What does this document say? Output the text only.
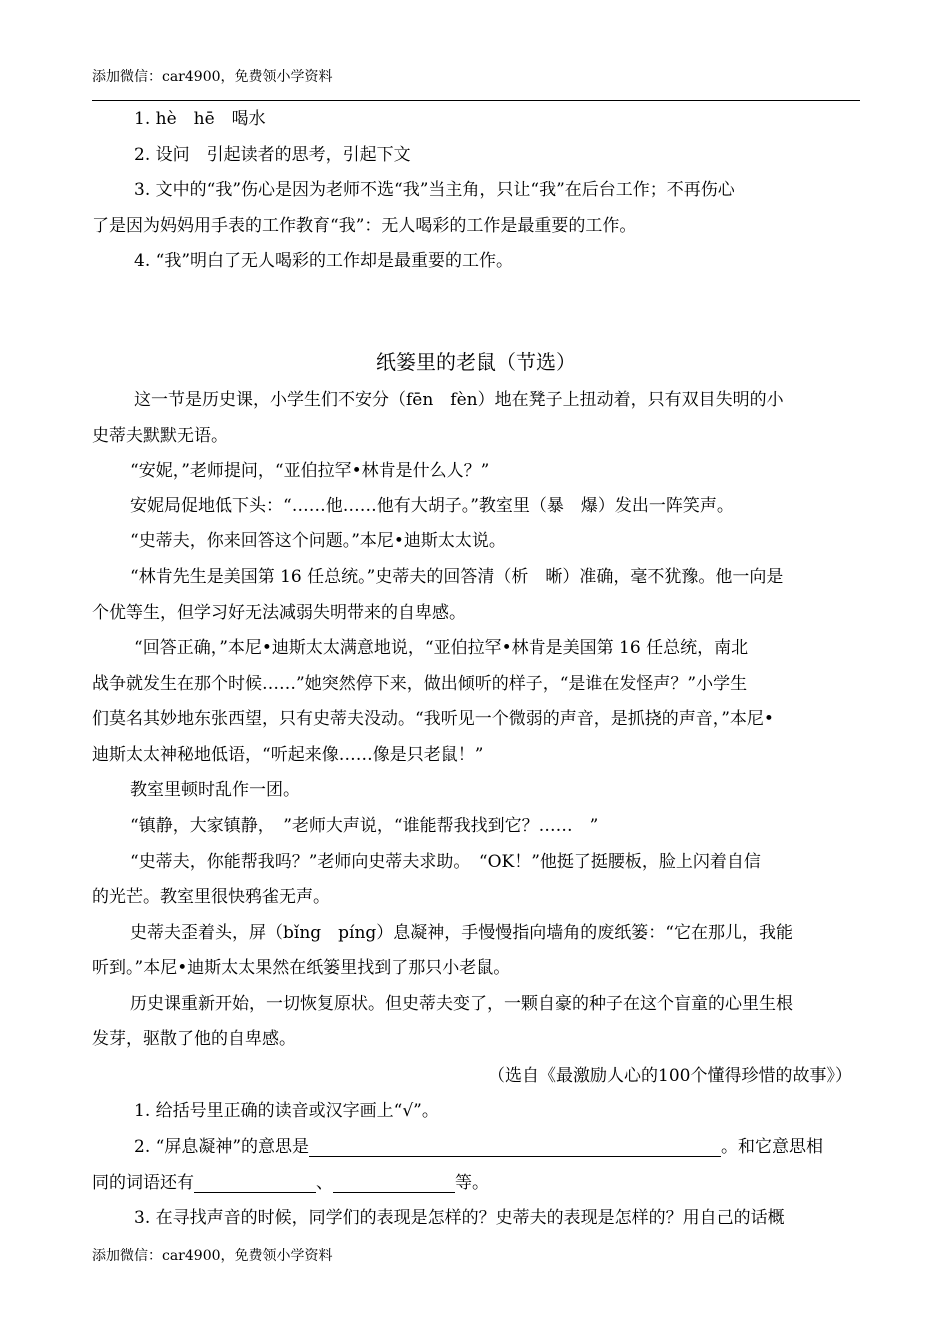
添加微信：car4900，免费领小学资料
1. hè　hē　喝水
2. 设问　引起读者的思考，引起下文
3. 文中的“我”伤心是因为老师不选“我”当主角，只让“我”在后台工作；不再伤心
了是因为妈妈用手表的工作教育“我”：无人喝彩的工作是最重要的工作。
4. “我”明白了无人喝彩的工作却是最重要的工作。
纸篓里的老鼠（节选）
这一节是历史课，小学生们不安分（fēn　fèn）地在凳子上扭动着，只有双目失明的小
史蒂夫默默无语。
“安妮，”老师提问，“亚伯拉罕•林肯是什么人？”
安妮局促地低下头：“……他……他有大胡子。”教室里（暴　爆）发出一阵笑声。
“史蒂夫，你来回答这个问题。”本尼•迪斯太太说。
“林肯先生是美国第 16 任总统。”史蒂夫的回答清（析　晰）准确，毫不犹豫。他一向是
个优等生，但学习好无法减弱失明带来的自卑感。
“回答正确，”本尼•迪斯太太满意地说，“亚伯拉罕•林肯是美国第 16 任总统，南北
战争就发生在那个时候……”她突然停下来，做出倾听的样子，“是谁在发怪声？”小学生
们莫名其妙地东张西望，只有史蒂夫没动。“我听见一个微弱的声音，是抓挠的声音，”本尼•
迪斯太太神秘地低语，“听起来像……像是只老鼠！”
教室里顿时乱作一团。
“镇静，大家镇静，　”老师大声说，“谁能帮我找到它？……　”
“史蒂夫，你能帮我吗？”老师向史蒂夫求助。　“OK！”他挺了挺腰板，脸上闪着自信
的光芒。教室里很快鸦雀无声。
史蒂夫歪着头，屏（bǐng　píng）息凝神，手慢慢指向墙角的废纸篓：“它在那儿，我能
听到。”本尼•迪斯太太果然在纸篓里找到了那只小老鼠。
历史课重新开始，一切恢复原状。但史蒂夫变了，一颗自豪的种子在这个盲童的心里生根
发芽，驱散了他的自卑感。
（选自《最激励人心的100个懂得珍惜的故事》）
1. 给括号里正确的读音或汉字画上“√”。
2. “屏息凝神”的意思是	。和它意思相
同的词语还有	、	等。
3. 在寻找声音的时候，同学们的表现是怎样的？史蒂夫的表现是怎样的？用自己的话概
添加微信：car4900，免费领小学资料
